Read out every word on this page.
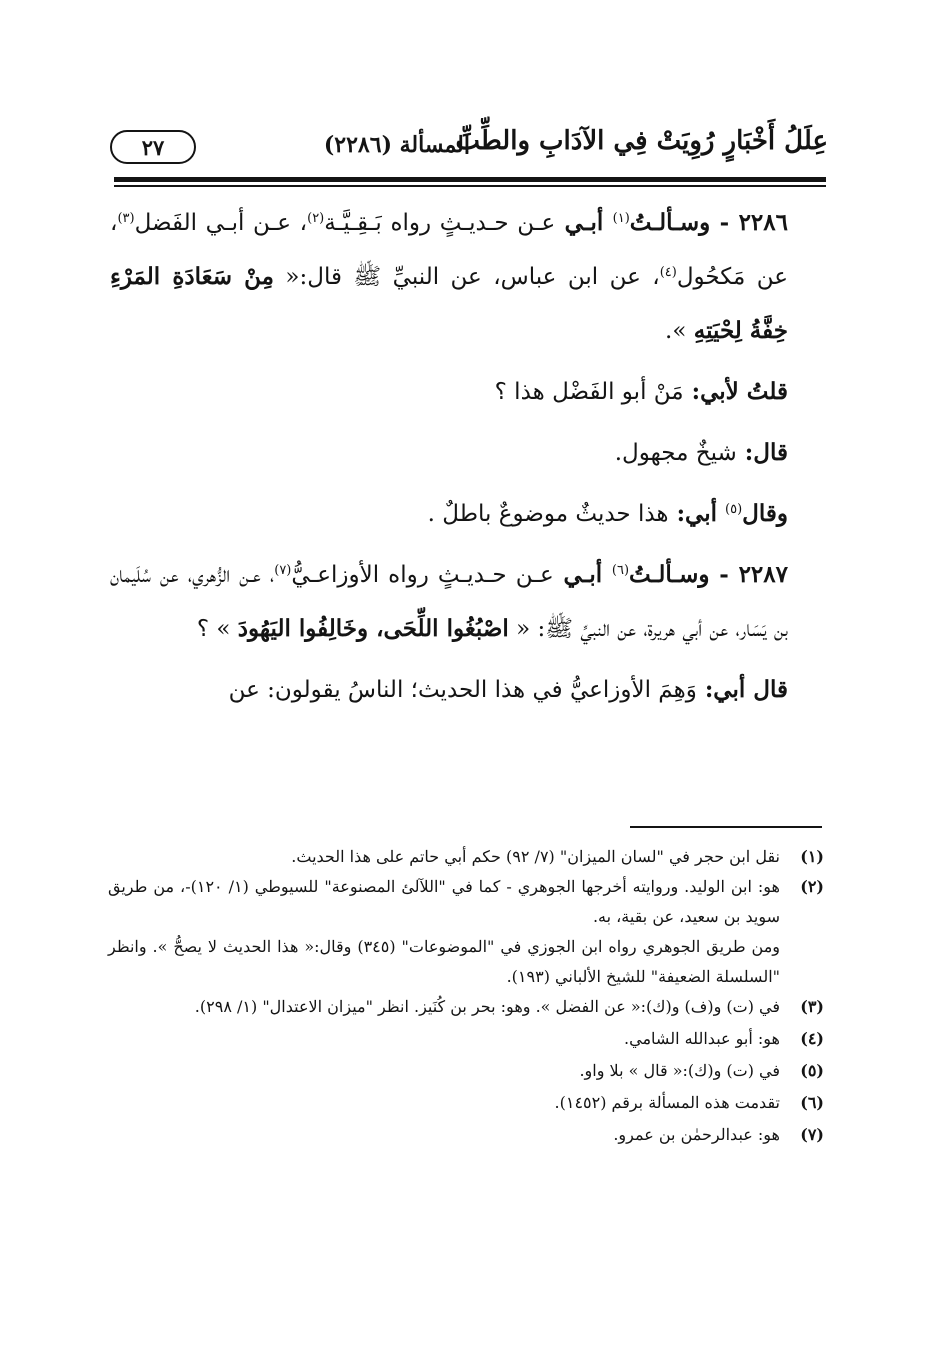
عِلَلُ أَخْبَارٍ رُوِيَتْ فِي الآدَابِ والطِّبِّ
المسألة (٢٢٨٦)
٢٧

٢٢٨٦ - وسـألـتُ$^{(١)}$ أبـي عـن حـديـثٍ رواه بَـقِـيَّـة$^{(٢)}$، عـن أبـي الفَضل$^{(٣)}$، عن مَكحُول$^{(٤)}$، عن ابن عباس، عن النبيِّ ﷺ قال:« مِنْ سَعَادَةِ المَرْءِ خِفَّةُ لِحْيَتِهِ ».

قلتُ لأبي: مَنْ أبو الفَضْل هذا ؟

قال: شيخٌ مجهول.

وقال$^{(٥)}$ أبي: هذا حديثٌ موضوعٌ باطلٌ .

٢٢٨٧ - وسـألـتُ$^{(٦)}$ أبـي عـن حـديـثٍ رواه الأوزاعـيُّ$^{(٧)}$، عـن الزُّهري، عن سُلَيمان بن يَسَار، عن أبي هريرة، عن النبيِّ ﷺ: « اصْبُغُوا اللِّحَى، وخَالِفُوا اليَهُودَ » ؟

قال أبي: وَهِمَ الأوزاعيُّ في هذا الحديث؛ الناسُ يقولون: عن

(١)
نقل ابن حجر في "لسان الميزان" (٧/ ٩٢) حكم أبي حاتم على هذا الحديث.
(٢)
هو: ابن الوليد. وروايته أخرجها الجوهري - كما في "اللآلئ المصنوعة" للسيوطي (١/ ١٢٠)-، من طريق سويد بن سعيد، عن بقية، به.
ومن طريق الجوهري رواه ابن الجوزي في "الموضوعات" (٣٤٥) وقال:« هذا الحديث لا يصحُّ ». وانظر "السلسلة الضعيفة" للشيخ الألباني (١٩٣).
(٣)
في (ت) و(ف) و(ك):« عن الفضل ». وهو: بحر بن كُنَيز. انظر "ميزان الاعتدال" (١/ ٢٩٨).
(٤)
هو: أبو عبدالله الشامي.
(٥)
في (ت) و(ك):« قال » بلا واو.
(٦)
تقدمت هذه المسألة برقم (١٤٥٢).
(٧)
هو: عبدالرحمٰن بن عمرو.
